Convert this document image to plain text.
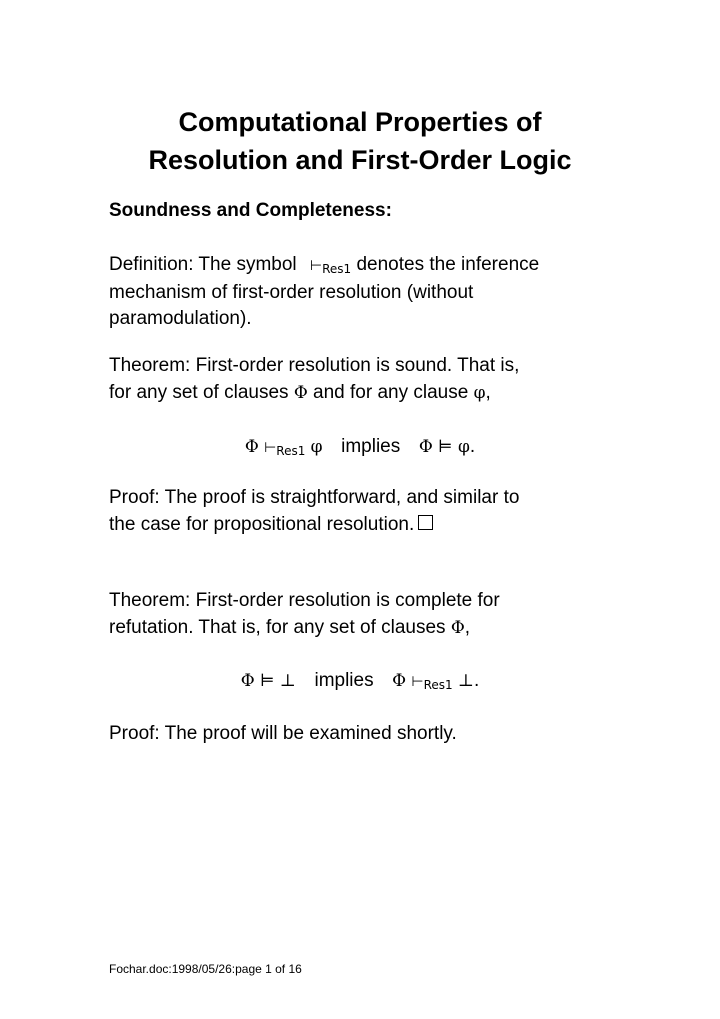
Computational Properties of
Resolution and First-Order Logic
Soundness and Completeness:
Definition: The symbol ⊢Res1 denotes the inference
mechanism of first-order resolution (without
paramodulation).
Theorem: First-order resolution is sound. That is,
for any set of clauses Φ and for any clause φ,
Φ ⊢Res1 φ implies Φ ⊨ φ.
Proof: The proof is straightforward, and similar to
the case for propositional resolution.
Theorem: First-order resolution is complete for
refutation. That is, for any set of clauses Φ,
Φ ⊨ ⊥ implies Φ ⊢Res1 ⊥.
Proof: The proof will be examined shortly.
Fochar.doc:1998/05/26:page 1 of 16
